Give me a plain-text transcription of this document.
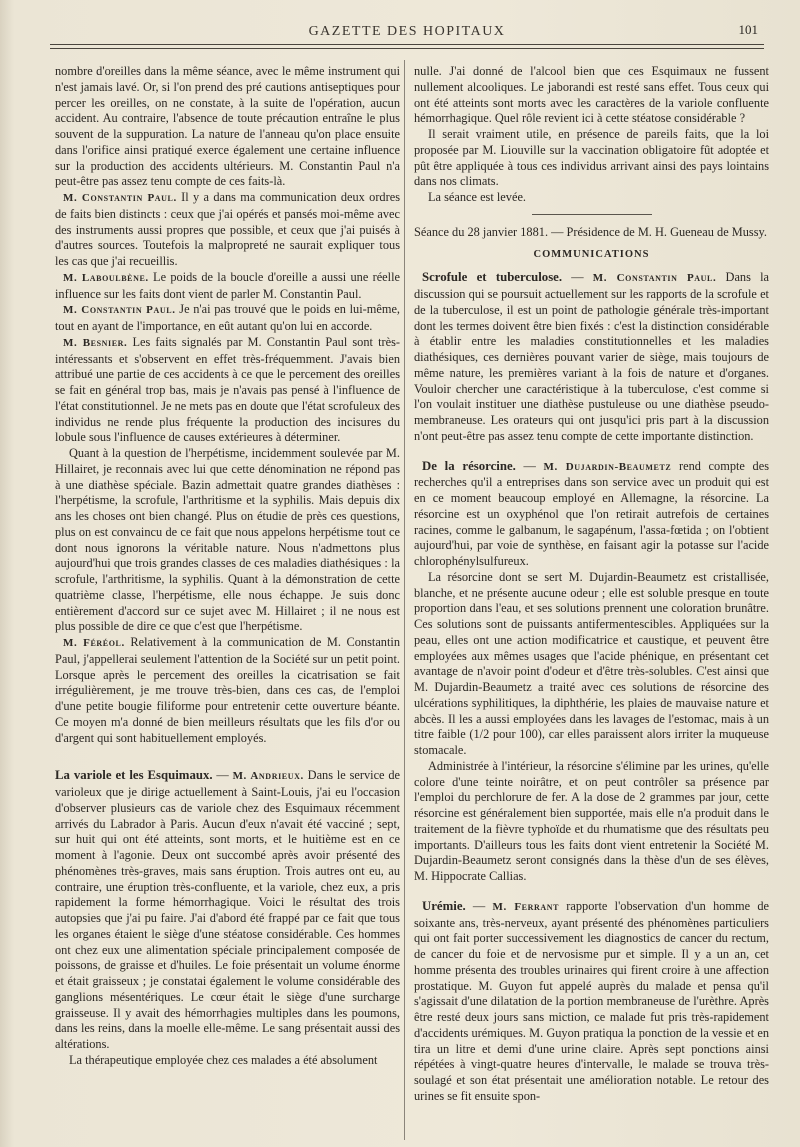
GAZETTE DES HOPITAUX	101

nombre d'oreilles dans la même séance, avec le même instrument qui n'est jamais lavé. Or, si l'on prend des pré cautions antiseptiques pour percer les oreilles, on ne constate, à la suite de l'opération, aucun accident. Au contraire, l'absence de toute précaution entraîne le plus souvent de la suppuration. La nature de l'anneau qu'on place ensuite dans l'orifice ainsi pratiqué exerce également une certaine influence sur la production des accidents ultérieurs. M. Constantin Paul n'a peut-être pas assez tenu compte de ces faits-là.

M. Constantin Paul. Il y a dans ma communication deux ordres de faits bien distincts : ceux que j'ai opérés et pansés moi-même avec des instruments aussi propres que possible, et ceux que j'ai puisés à d'autres sources. Toutefois la malpropreté ne saurait expliquer tous les cas que j'ai recueillis.

M. Laboulbène. Le poids de la boucle d'oreille a aussi une réelle influence sur les faits dont vient de parler M. Constantin Paul.

M. Constantin Paul. Je n'ai pas trouvé que le poids en lui-même, tout en ayant de l'importance, en eût autant qu'on lui en accorde.

M. Besnier. Les faits signalés par M. Constantin Paul sont très-intéressants et s'observent en effet très-fréquemment. J'avais bien attribué une partie de ces accidents à ce que le percement des oreilles se fait en général trop bas, mais je n'avais pas pensé à l'influence de l'état constitutionnel. Je ne mets pas en doute que l'état scrofuleux des individus ne rende plus fréquente la production des incisures du lobule sous l'influence de causes extérieures à déterminer.

Quant à la question de l'herpétisme, incidemment soulevée par M. Hillairet, je reconnais avec lui que cette dénomination ne répond pas à une diathèse spéciale. Bazin admettait quatre grandes diathèses : l'herpétisme, la scrofule, l'arthritisme et la syphilis. Mais depuis dix ans les choses ont bien changé. Plus on étudie de près ces questions, plus on est convaincu de ce fait que nous appelons herpétisme tout ce dont nous ignorons la véritable nature. Nous n'admettons plus aujourd'hui que trois grandes classes de ces maladies diathésiques : la scrofule, l'arthritisme, la syphilis. Quant à la démonstration de cette quatrième classe, l'herpétisme, elle nous échappe. Je suis donc entièrement d'accord sur ce sujet avec M. Hillairet ; il ne nous est plus possible de dire ce que c'est que l'herpétisme.

M. Féréol. Relativement à la communication de M. Constantin Paul, j'appellerai seulement l'attention de la Société sur un petit point. Lorsque après le percement des oreilles la cicatrisation se fait irrégulièrement, je me trouve très-bien, dans ces cas, de l'emploi d'une petite bougie filiforme pour entretenir cette ouverture béante. Ce moyen m'a donné de bien meilleurs résultats que les fils d'or ou d'argent qui sont habituellement employés.

La variole et les Esquimaux. — M. Andrieux. Dans le service de varioleux que je dirige actuellement à Saint-Louis, j'ai eu l'occasion d'observer plusieurs cas de variole chez des Esquimaux récemment arrivés du Labrador à Paris. Aucun d'eux n'avait été vacciné ; sept, sur huit qui ont été atteints, sont morts, et le huitième est en ce moment à l'agonie. Deux ont succombé après avoir présenté des phénomènes très-graves, mais sans éruption. Trois autres ont eu, au contraire, une éruption très-confluente, et la variole, chez eux, a pris rapidement la forme hémorrhagique. Voici le résultat des trois autopsies que j'ai pu faire. J'ai d'abord été frappé par ce fait que tous les organes étaient le siège d'une stéatose considérable. Ces hommes ont chez eux une alimentation spéciale principalement composée de poissons, de graisse et d'huiles. Le foie présentait un volume énorme et était graisseux ; je constatai également le volume considérable des ganglions mésentériques. Le cœur était le siège d'une surcharge graisseuse. Il y avait des hémorrhagies multiples dans les poumons, dans les reins, dans la moelle elle-même. Le sang présentait aussi des altérations.

La thérapeutique employée chez ces malades a été absolument

nulle. J'ai donné de l'alcool bien que ces Esquimaux ne fussent nullement alcooliques. Le jaborandi est resté sans effet. Tous ceux qui ont été atteints sont morts avec les caractères de la variole confluente hémorrhagique. Quel rôle revient ici à cette stéatose considérable ?

Il serait vraiment utile, en présence de pareils faits, que la loi proposée par M. Liouville sur la vaccination obligatoire fût adoptée et pût être appliquée à tous ces individus arrivant ainsi des pays lointains dans nos climats.

La séance est levée.

Séance du 28 janvier 1881. — Présidence de M. H. Gueneau de Mussy.

COMMUNICATIONS

Scrofule et tuberculose. — M. Constantin Paul. Dans la discussion qui se poursuit actuellement sur les rapports de la scrofule et de la tuberculose, il est un point de pathologie générale très-important dont les termes doivent être bien fixés : c'est la distinction considérable à établir entre les maladies constitutionnelles et les maladies diathésiques, ces dernières pouvant varier de siège, mais toujours de même nature, les premières variant à la fois de nature et d'organes. Vouloir chercher une caractéristique à la tuberculose, c'est comme si l'on voulait instituer une diathèse pustuleuse ou une diathèse pseudo-membraneuse. Les orateurs qui ont jusqu'ici pris part à la discussion n'ont peut-être pas assez tenu compte de cette importante distinction.

De la résorcine. — M. Dujardin-Beaumetz rend compte des recherches qu'il a entreprises dans son service avec un produit qui est en ce moment beaucoup employé en Allemagne, la résorcine. La résorcine est un oxyphénol que l'on retirait autrefois de certaines racines, comme le galbanum, le sagapénum, l'assa-fœtida ; on l'obtient aujourd'hui, par voie de synthèse, en faisant agir la potasse sur l'acide chlorophénylsulfureux.

La résorcine dont se sert M. Dujardin-Beaumetz est cristallisée, blanche, et ne présente aucune odeur ; elle est soluble presque en toute proportion dans l'eau, et ses solutions prennent une coloration brunâtre. Ces solutions sont de puissants antifermentescibles. Appliquées sur la peau, elles ont une action modificatrice et caustique, et peuvent être employées aux mêmes usages que l'acide phénique, en présentant cet avantage de n'avoir point d'odeur et d'être très-solubles. C'est ainsi que M. Dujardin-Beaumetz a traité avec ces solutions de résorcine des ulcérations syphilitiques, la diphthérie, les plaies de mauvaise nature et abcès. Il les a aussi employées dans les lavages de l'estomac, mais à un titre faible (1/2 pour 100), car elles paraissent alors irriter la muqueuse stomacale.

Administrée à l'intérieur, la résorcine s'élimine par les urines, qu'elle colore d'une teinte noirâtre, et on peut contrôler sa présence par l'emploi du perchlorure de fer. A la dose de 2 grammes par jour, cette résorcine est généralement bien supportée, mais elle n'a produit dans le traitement de la fièvre typhoïde et du rhumatisme que des résultats peu importants. D'ailleurs tous les faits dont vient entretenir la Société M. Dujardin-Beaumetz seront consignés dans la thèse d'un de ses élèves, M. Hippocrate Callias.

Urémie. — M. Ferrant rapporte l'observation d'un homme de soixante ans, très-nerveux, ayant présenté des phénomènes particuliers qui ont fait porter successivement les diagnostics de cancer du rectum, de cancer du foie et de nervosisme pur et simple. Il y a un an, cet homme présenta des troubles urinaires qui firent croire à une affection prostatique. M. Guyon fut appelé auprès du malade et pensa qu'il s'agissait d'une dilatation de la portion membraneuse de l'urèthre. Après être resté deux jours sans miction, ce malade fut pris très-rapidement d'accidents urémiques. M. Guyon pratiqua la ponction de la vessie et en tira un litre et demi d'une urine claire. Après sept ponctions ainsi répétées à vingt-quatre heures d'intervalle, le malade se trouva très-soulagé et son état présentait une amélioration notable. Le retour des urines se fit ensuite spon-
